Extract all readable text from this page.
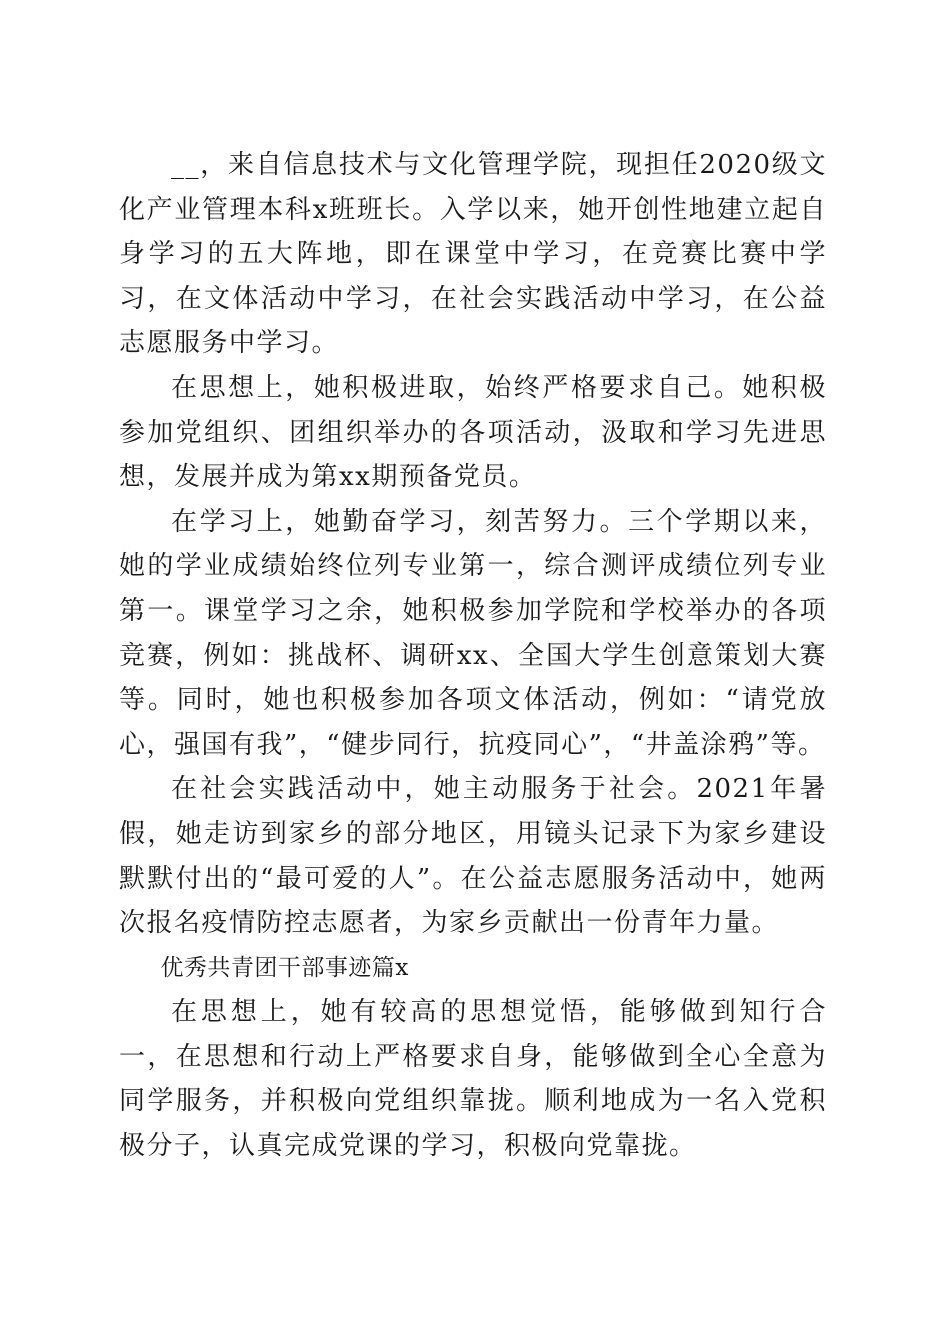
__，来自信息技术与文化管理学院，现担任2020级文化产业管理本科x班班长。入学以来，她开创性地建立起自身学习的五大阵地，即在课堂中学习，在竞赛比赛中学习，在文体活动中学习，在社会实践活动中学习，在公益志愿服务中学习。

在思想上，她积极进取，始终严格要求自己。她积极参加党组织、团组织举办的各项活动，汲取和学习先进思想，发展并成为第xx期预备党员。

在学习上，她勤奋学习，刻苦努力。三个学期以来，她的学业成绩始终位列专业第一，综合测评成绩位列专业第一。课堂学习之余，她积极参加学院和学校举办的各项竞赛，例如：挑战杯、调研xx、全国大学生创意策划大赛等。同时，她也积极参加各项文体活动，例如：“请党放心，强国有我”，“健步同行，抗疫同心”，“井盖涂鸦”等。

在社会实践活动中，她主动服务于社会。2021年暑假，她走访到家乡的部分地区，用镜头记录下为家乡建设默默付出的“最可爱的人”。在公益志愿服务活动中，她两次报名疫情防控志愿者，为家乡贡献出一份青年力量。

优秀共青团干部事迹篇x

在思想上，她有较高的思想觉悟，能够做到知行合一，在思想和行动上严格要求自身，能够做到全心全意为同学服务，并积极向党组织靠拢。顺利地成为一名入党积极分子，认真完成党课的学习，积极向党靠拢。
